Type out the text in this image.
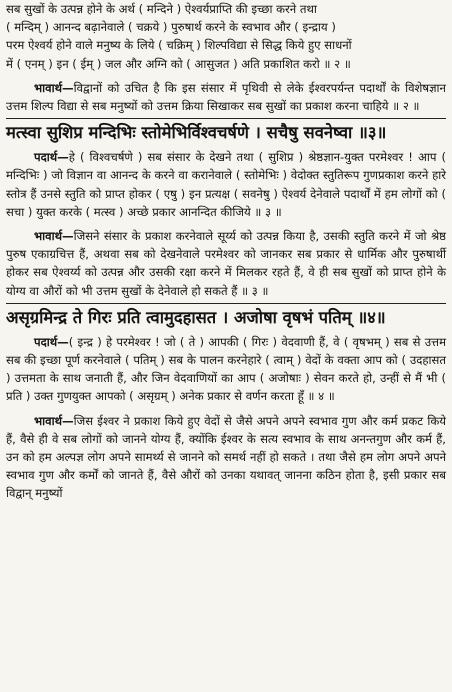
सब सुखों के उत्पन्न होने के अर्थ ( मन्दिने ) ऐश्वर्यप्राप्ति की इच्छा करने तथा
( मन्दिम् ) आनन्द बढ़ानेवाले ( चक्रये ) पुरुषार्थ करने के स्वभाव और ( इन्द्राय )
परम ऐश्वर्य होने वाले मनुष्य के लिये ( चक्रिम् ) शिल्पविद्या से सिद्ध किये हुए साधनों
में ( एनम् ) इन ( ईम् ) जल और अग्नि को ( आसुजत ) अति प्रकाशित करो ॥ २ ॥

भावार्थ—विद्वानों को उचित है कि इस संसार में पृथिवी से लेके ईश्वरपर्यन्त पदार्थों के विशेषज्ञान उत्तम शिल्प विद्या से सब मनुष्यों को उत्तम क्रिया सिखाकर सब सुखों का प्रकाश करना चाहिये ॥ २ ॥

मत्स्वा सुशिप्र मन्दिभिः स्तोमेभिर्विश्वचर्षणे । सचैषु सवनेष्वा ॥३॥

पदार्थ—हे ( विश्वचर्षणे ) सब संसार के देखने तथा ( सुशिप्र ) श्रेष्ठज्ञान-युक्त परमेश्वर ! आप ( मन्दिभिः ) जो विज्ञान वा आनन्द के करने वा करानेवाले ( स्तोमेभिः ) वेदोक्त स्तुतिरूप गुणप्रकाश करने हारे स्तोत्र हैं उनसे स्तुति को प्राप्त होकर ( एषु ) इन प्रत्यक्ष ( सवनेषु ) ऐश्वर्य देनेवाले पदार्थों में हम लोगों को ( सचा ) युक्त करके ( मत्स्व ) अच्छे प्रकार आनन्दित कीजिये ॥ ३ ॥

भावार्थ—जिसने संसार के प्रकाश करनेवाले सूर्य्य को उत्पन्न किया है, उसकी स्तुति करने में जो श्रेष्ठ पुरुष एकाग्रचित्त हैं, अथवा सब को देखनेवाले परमेश्वर को जानकर सब प्रकार से धार्मिक और पुरुषार्थी होकर सब ऐश्वर्य्य को उत्पन्न और उसकी रक्षा करने में मिलकर रहते हैं, वे ही सब सुखों को प्राप्त होने के योग्य वा औरों को भी उत्तम सुखों के देनेवाले हो सकते हैं ॥ ३ ॥

असृग्रमिन्द्र ते गिरः प्रति त्वामुदहासत । अजोषा वृषभं पतिम् ॥४॥

पदार्थ—( इन्द्र ) हे परमेश्वर ! जो ( ते ) आपकी ( गिरः ) वेदवाणी हैं, वे ( वृषभम् ) सब से उत्तम सब की इच्छा पूर्ण करनेवाले ( पतिम् ) सब के पालन करनेहारे ( त्वाम् ) वेदों के वक्ता आप को ( उदहासत ) उत्तमता के साथ जनाती हैं, और जिन वेदवाणियों का आप ( अजोषाः ) सेवन करते हो, उन्हीं से मैं भी ( प्रति ) उक्त गुणयुक्त आपको ( असृग्रम् ) अनेक प्रकार से वर्णन करता हूँ ॥ ४ ॥

भावार्थ—जिस ईश्वर ने प्रकाश किये हुए वेदों से जैसे अपने अपने स्वभाव गुण और कर्म प्रकट किये हैं, वैसे ही वे सब लोगों को जानने योग्य हैं, क्योंकि ईश्वर के सत्य स्वभाव के साथ अनन्तगुण और कर्म हैं, उन को हम अल्पज्ञ लोग अपने सामर्थ्य से जानने को समर्थ नहीं हो सकते । तथा जैसे हम लोग अपने अपने स्वभाव गुण और कर्मों को जानते हैं, वैसे औरों को उनका यथावत् जानना कठिन होता है, इसी प्रकार सब विद्वान् मनुष्यों
